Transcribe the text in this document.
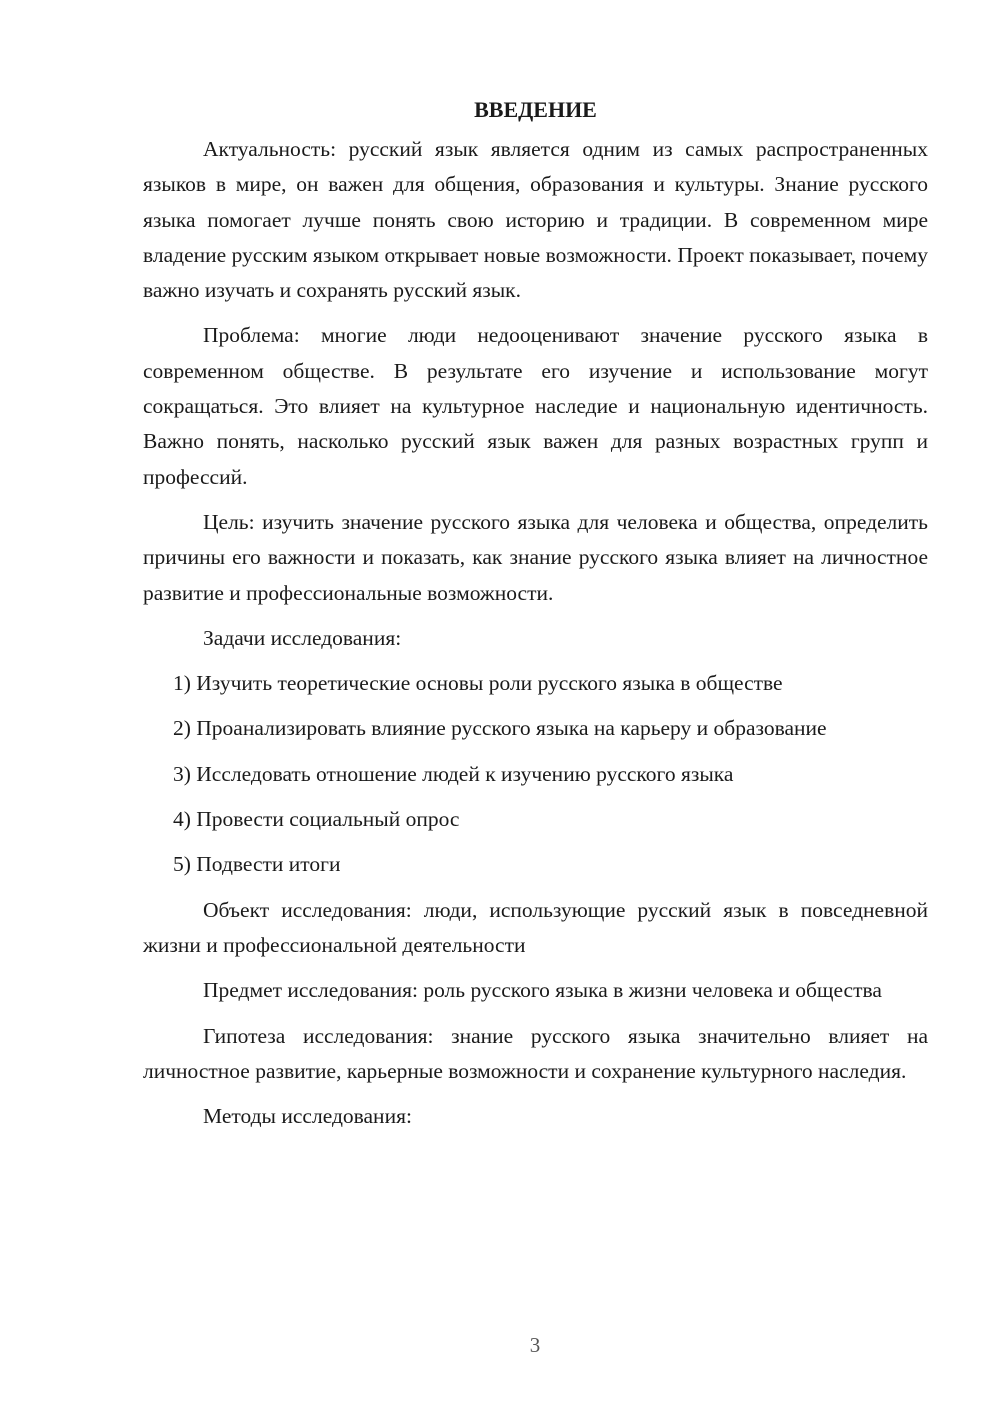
ВВЕДЕНИЕ

Актуальность: русский язык является одним из самых распространенных языков в мире, он важен для общения, образования и культуры. Знание русского языка помогает лучше понять свою историю и традиции. В современном мире владение русским языком открывает новые возможности. Проект показывает, почему важно изучать и сохранять русский язык.

Проблема: многие люди недооценивают значение русского языка в современном обществе. В результате его изучение и использование могут сокращаться. Это влияет на культурное наследие и национальную идентичность. Важно понять, насколько русский язык важен для разных возрастных групп и профессий.

Цель: изучить значение русского языка для человека и общества, определить причины его важности и показать, как знание русского языка влияет на личностное развитие и профессиональные возможности.

Задачи исследования:

1) Изучить теоретические основы роли русского языка в обществе

2) Проанализировать влияние русского языка на карьеру и образование

3) Исследовать отношение людей к изучению русского языка

4) Провести социальный опрос

5) Подвести итоги

Объект исследования: люди, использующие русский язык в повседневной жизни и профессиональной деятельности

Предмет исследования: роль русского языка в жизни человека и общества

Гипотеза исследования: знание русского языка значительно влияет на личностное развитие, карьерные возможности и сохранение культурного наследия.

Методы исследования:

3
